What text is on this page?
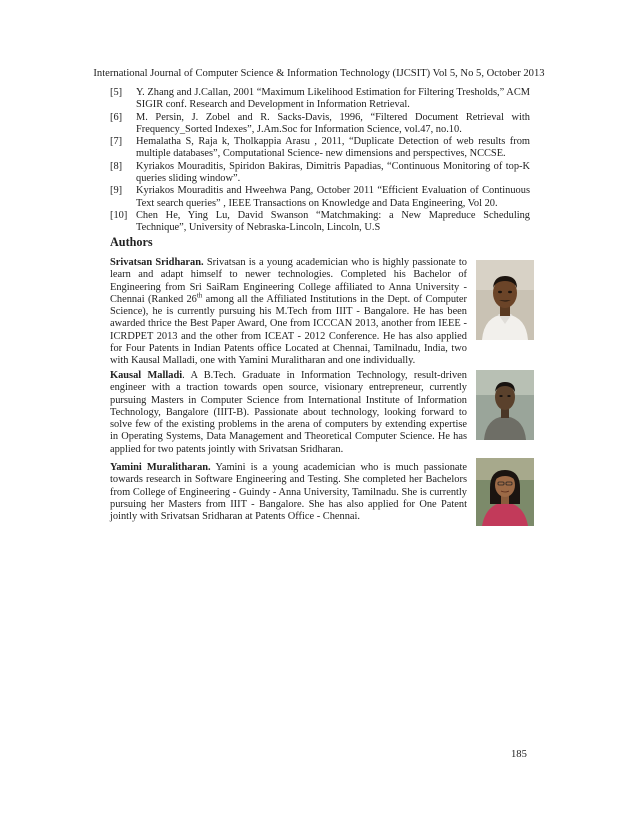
International Journal of Computer Science & Information Technology (IJCSIT) Vol 5, No 5, October 2013
[5]	Y. Zhang and J.Callan, 2001 “Maximum Likelihood Estimation for Filtering Tresholds,” ACM SIGIR conf. Research and Development in Information Retrieval.
[6]	M. Persin, J. Zobel and R. Sacks-Davis, 1996, “Filtered Document Retrieval with Frequency_Sorted Indexes”, J.Am.Soc for Information Science, vol.47, no.10.
[7]	Hemalatha S, Raja k, Tholkappia Arasu , 2011, “Duplicate Detection of web results from multiple databases”, Computational Science- new dimensions and perspectives, NCCSE.
[8]	Kyriakos Mouraditis, Spiridon Bakiras, Dimitris Papadias, “Continuous Monitoring of top-K queries sliding window”.
[9]	Kyriakos Mouraditis and Hweehwa Pang, October 2011 “Efficient Evaluation of Continuous Text search queries” , IEEE Transactions on Knowledge and Data Engineering, Vol 20.
[10] Chen He, Ying Lu, David Swanson “Matchmaking: a New Mapreduce Scheduling Technique”, University of Nebraska-Lincoln, Lincoln, U.S
Authors
Srivatsan Sridharan. Srivatsan is a young academician who is highly passionate to learn and adapt himself to newer technologies. Completed his Bachelor of Engineering from Sri SaiRam Engineering College affiliated to Anna University - Chennai (Ranked 26th among all the Affiliated Institutions in the Dept. of Computer Science), he is currently pursuing his M.Tech from IIIT - Bangalore. He has been awarded thrice the Best Paper Award, One from ICCCAN 2013, another from IEEE - ICRDPET 2013 and the other from ICEAT - 2012 Conference. He has also applied for Four Patents in Indian Patents office Located at Chennai, Tamilnadu, India, two with Kausal Malladi, one with Yamini Muralitharan and one individually.
Kausal Malladi. A B.Tech. Graduate in Information Technology, result-driven engineer with a traction towards open source, visionary entrepreneur, currently pursuing Masters in Computer Science from International Institute of Information Technology, Bangalore (IIIT-B). Passionate about technology, looking forward to solve few of the existing problems in the arena of computers by extending expertise in Operating Systems, Data Management and Theoretical Computer Science. He has applied for two patents jointly with Srivatsan Sridharan.
Yamini Muralitharan. Yamini is a young academician who is much passionate towards research in Software Engineering and Testing. She completed her Bachelors from College of Engineering - Guindy - Anna University, Tamilnadu. She is currently pursuing her Masters from IIIT - Bangalore. She has also applied for One Patent jointly with Srivatsan Sridharan at Patents Office - Chennai.
185
